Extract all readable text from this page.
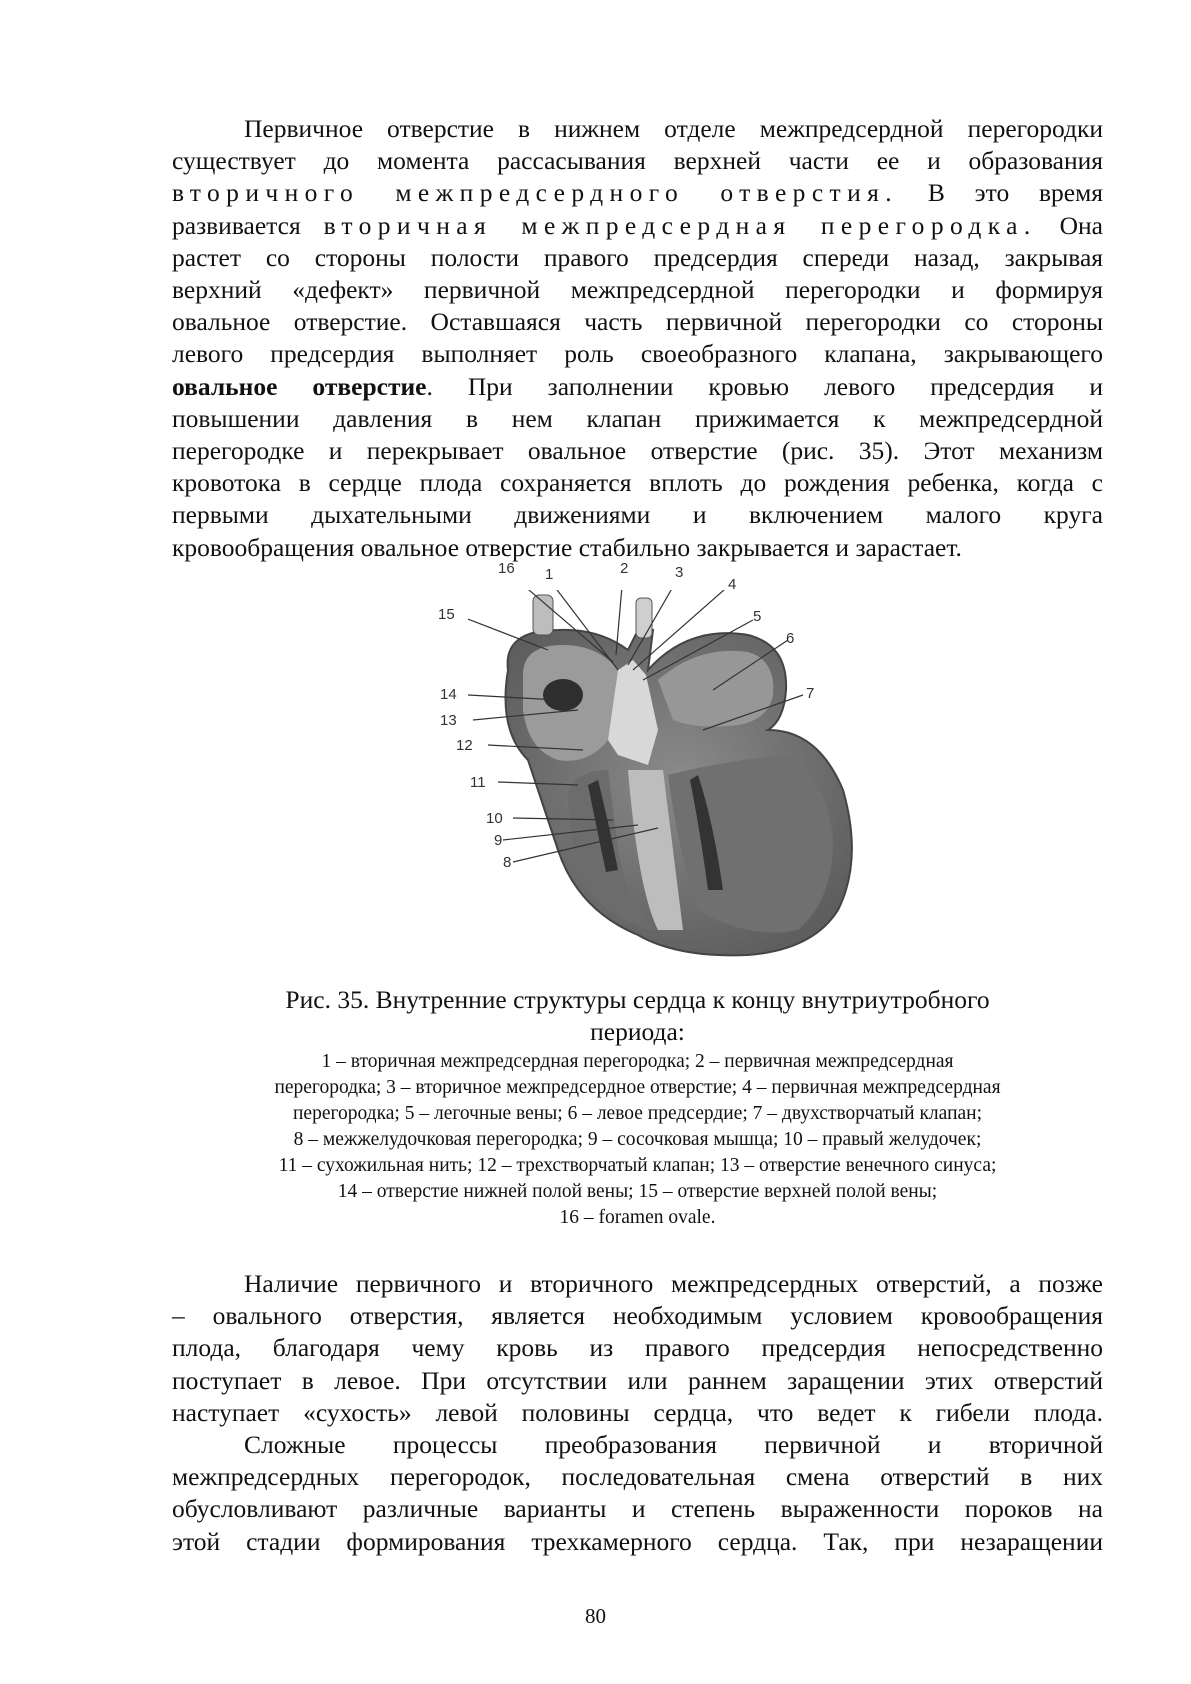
Первичное отверстие в нижнем отделе межпредсердной перегородки
существует до момента рассасывания верхней части ее и образования
вторичного межпредсердного отверстия. В это время
развивается вторичная межпредсердная перегородка. Она
растет со стороны полости правого предсердия спереди назад, закрывая
верхний «дефект» первичной межпредсердной перегородки и формируя
овальное отверстие. Оставшаяся часть первичной перегородки со стороны
левого предсердия выполняет роль своеобразного клапана, закрывающего
овальное отверстие. При заполнении кровью левого предсердия и
повышении давления в нем клапан прижимается к межпредсердной
перегородке и перекрывает овальное отверстие (рис. 35). Этот механизм
кровотока в сердце плода сохраняется вплоть до рождения ребенка, когда с
первыми дыхательными движениями и включением малого круга
кровообращения овальное отверстие стабильно закрывается и зарастает.
16 1	2	3
4
5
6
7
15
14
13
12
11
10
9
8
Рис. 35. Внутренние структуры сердца к концу внутриутробного
периода:
1 – вторичная межпредсердная перегородка; 2 – первичная межпредсердная
перегородка; 3 – вторичное межпредсердное отверстие; 4 – первичная межпредсердная
перегородка; 5 – легочные вены; 6 – левое предсердие; 7 – двухстворчатый клапан;
8 – межжелудочковая перегородка; 9 – сосочковая мышца; 10 – правый желудочек;
11 – сухожильная нить; 12 – трехстворчатый клапан; 13 – отверстие венечного синуса;
14 – отверстие нижней полой вены; 15 – отверстие верхней полой вены;
16 – foramen ovale.
Наличие первичного и вторичного межпредсердных отверстий, а позже
– овального отверстия, является необходимым условием кровообращения
плода, благодаря чему кровь из правого предсердия непосредственно
поступает в левое. При отсутствии или раннем заращении этих отверстий
наступает «сухость» левой половины сердца, что ведет к гибели плода.
Сложные процессы преобразования первичной и вторичной
межпредсердных перегородок, последовательная смена отверстий в них
обусловливают различные варианты и степень выраженности пороков на
этой стадии формирования трехкамерного сердца. Так, при незаращении
80
